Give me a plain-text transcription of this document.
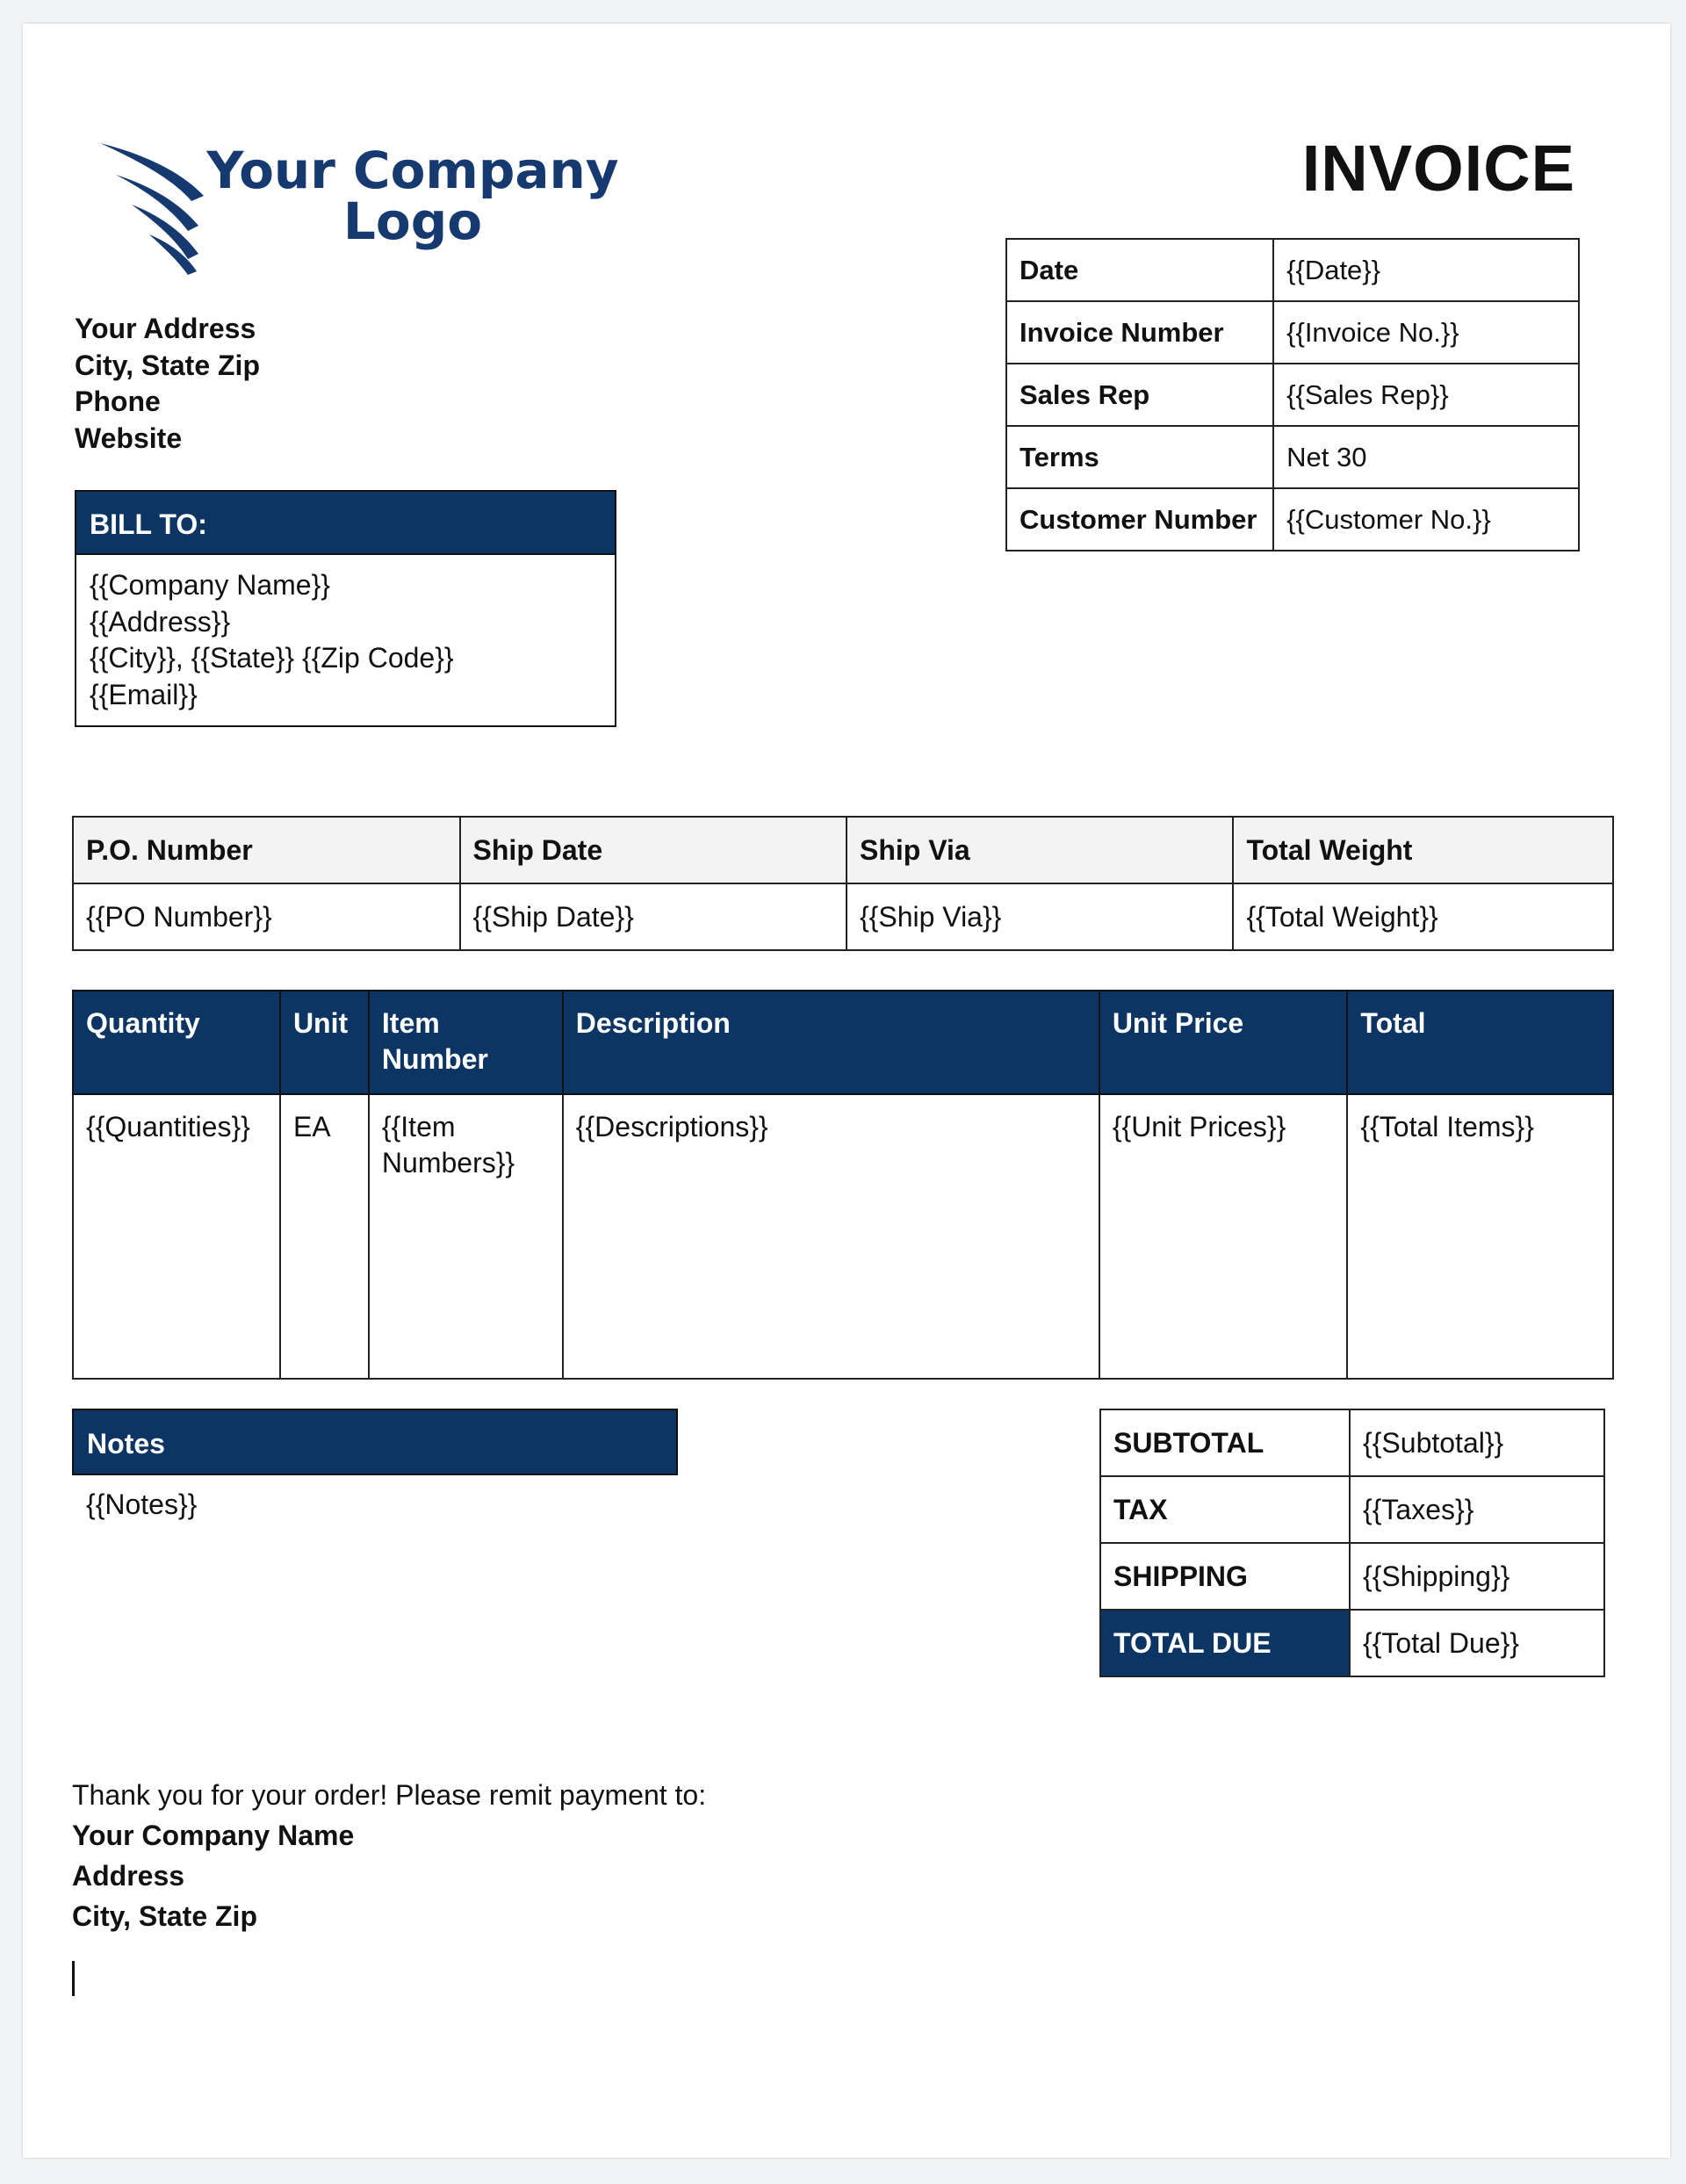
Your Company
Logo
INVOICE
Your Address
City, State Zip
Phone
Website
Date	{{Date}}
Invoice Number	{{Invoice No.}}
Sales Rep	{{Sales Rep}}
Terms	Net 30
Customer Number	{{Customer No.}}
BILL TO:
{{Company Name}}
{{Address}}
{{City}}, {{State}} {{Zip Code}}
{{Email}}
P.O. Number	Ship Date	Ship Via	Total Weight
{{PO Number}}	{{Ship Date}}	{{Ship Via}}	{{Total Weight}}
Quantity	Unit	Item Number	Description	Unit Price	Total
{{Quantities}}	EA	{{Item Numbers}}	{{Descriptions}}	{{Unit Prices}}	{{Total Items}}
Notes
{{Notes}}
SUBTOTAL	{{Subtotal}}
TAX	{{Taxes}}
SHIPPING	{{Shipping}}
TOTAL DUE	{{Total Due}}
Thank you for your order! Please remit payment to:
Your Company Name
Address
City, State Zip
